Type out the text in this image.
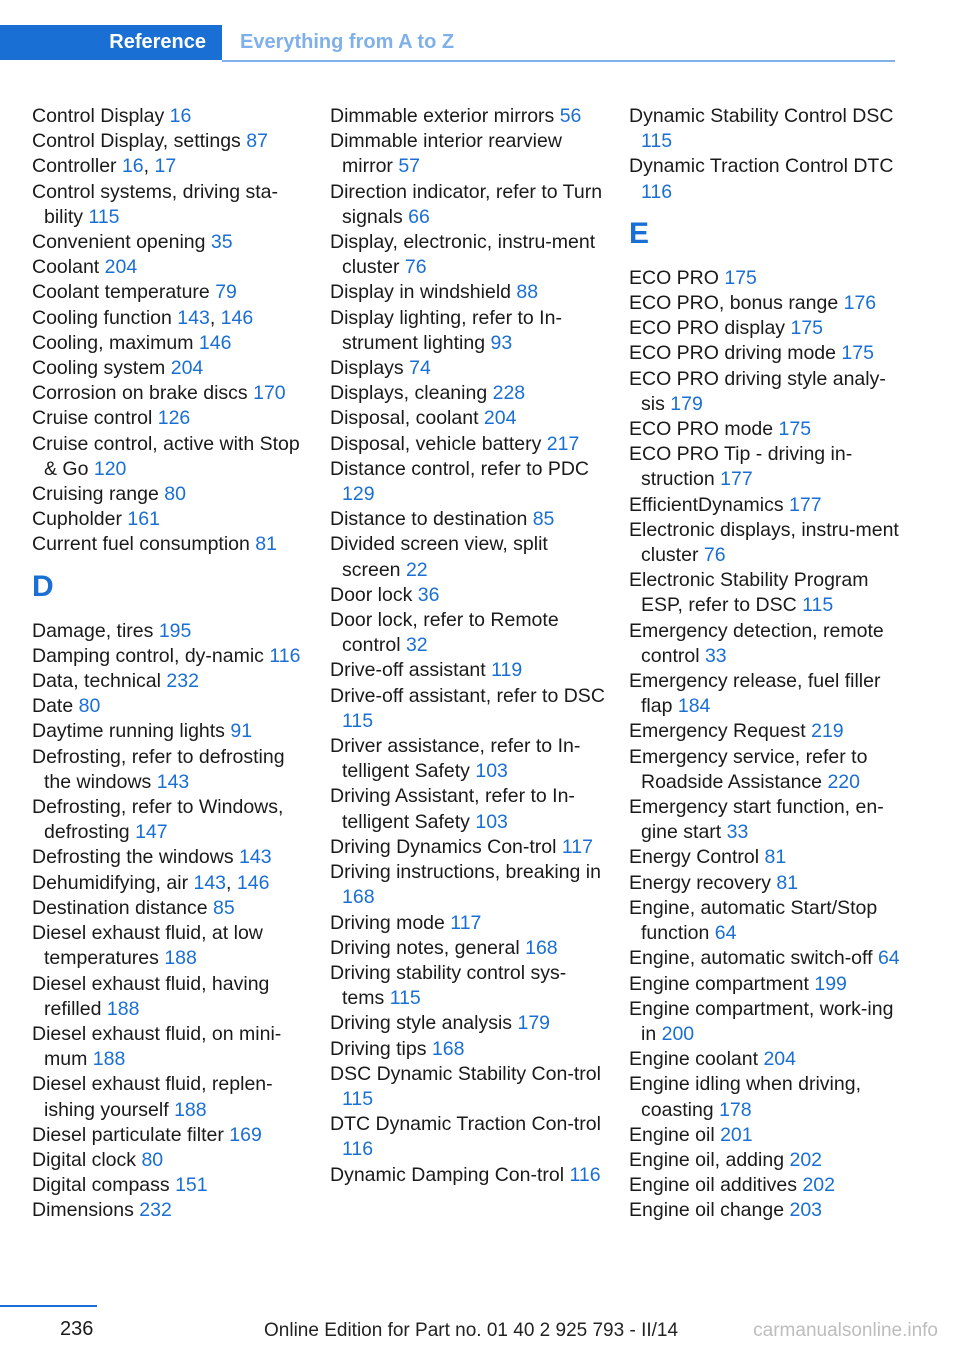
Reference	Everything from A to Z
Control Display 16
Control Display, settings 87
Controller 16, 17
Control systems, driving sta‐bility 115
Convenient opening 35
Coolant 204
Coolant temperature 79
Cooling function 143, 146
Cooling, maximum 146
Cooling system 204
Corrosion on brake discs 170
Cruise control 126
Cruise control, active with Stop & Go 120
Cruising range 80
Cupholder 161
Current fuel consumption 81
D
Damage, tires 195
Damping control, dy‐namic 116
Data, technical 232
Date 80
Daytime running lights 91
Defrosting, refer to defrosting the windows 143
Defrosting, refer to Windows, defrosting 147
Defrosting the windows 143
Dehumidifying, air 143, 146
Destination distance 85
Diesel exhaust fluid, at low temperatures 188
Diesel exhaust fluid, having refilled 188
Diesel exhaust fluid, on mini‐mum 188
Diesel exhaust fluid, replen‐ishing yourself 188
Diesel particulate filter 169
Digital clock 80
Digital compass 151
Dimensions 232
Dimmable exterior mirrors 56
Dimmable interior rearview mirror 57
Direction indicator, refer to Turn signals 66
Display, electronic, instru‐ment cluster 76
Display in windshield 88
Display lighting, refer to In‐strument lighting 93
Displays 74
Displays, cleaning 228
Disposal, coolant 204
Disposal, vehicle battery 217
Distance control, refer to PDC 129
Distance to destination 85
Divided screen view, split screen 22
Door lock 36
Door lock, refer to Remote control 32
Drive-off assistant 119
Drive-off assistant, refer to DSC 115
Driver assistance, refer to In‐telligent Safety 103
Driving Assistant, refer to In‐telligent Safety 103
Driving Dynamics Con‐trol 117
Driving instructions, breaking in 168
Driving mode 117
Driving notes, general 168
Driving stability control sys‐tems 115
Driving style analysis 179
Driving tips 168
DSC Dynamic Stability Con‐trol 115
DTC Dynamic Traction Con‐trol 116
Dynamic Damping Con‐trol 116
Dynamic Stability Control DSC 115
Dynamic Traction Control DTC 116
E
ECO PRO 175
ECO PRO, bonus range 176
ECO PRO display 175
ECO PRO driving mode 175
ECO PRO driving style analy‐sis 179
ECO PRO mode 175
ECO PRO Tip - driving in‐struction 177
EfficientDynamics 177
Electronic displays, instru‐ment cluster 76
Electronic Stability Program ESP, refer to DSC 115
Emergency detection, remote control 33
Emergency release, fuel filler flap 184
Emergency Request 219
Emergency service, refer to Roadside Assistance 220
Emergency start function, en‐gine start 33
Energy Control 81
Energy recovery 81
Engine, automatic Start/Stop function 64
Engine, automatic switch-off 64
Engine compartment 199
Engine compartment, work‐ing in 200
Engine coolant 204
Engine idling when driving, coasting 178
Engine oil 201
Engine oil, adding 202
Engine oil additives 202
Engine oil change 203
236	Online Edition for Part no. 01 40 2 925 793 - II/14	carmanualsonline.info
